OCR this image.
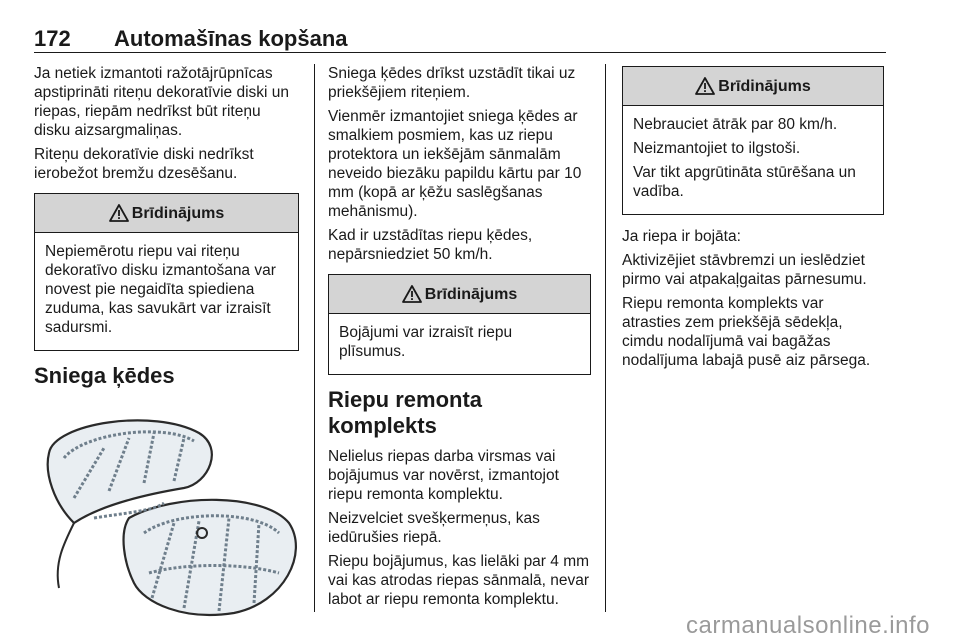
172 Automašīnas kopšana

Ja netiek izmantoti ražotājrūpnīcas apstiprināti riteņu dekoratīvie diski un riepas, riepām nedrīkst būt riteņu disku aizsargmaliņas.

Riteņu dekoratīvie diski nedrīkst ierobežot bremžu dzesēšanu.

Brīdinājums

Nepiemērotu riepu vai riteņu dekoratīvo disku izmantošana var novest pie negaidīta spiediena zuduma, kas savukārt var izraisīt sadursmi.

Sniega ķēdes

Sniega ķēdes drīkst uzstādīt tikai uz priekšējiem riteņiem.

Vienmēr izmantojiet sniega ķēdes ar smalkiem posmiem, kas uz riepu protektora un iekšējām sānmalām neveido biezāku papildu kārtu par 10 mm (kopā ar ķēžu saslēgšanas mehānismu).

Kad ir uzstādītas riepu ķēdes, nepārsniedziet 50 km/h.

Brīdinājums

Bojājumi var izraisīt riepu plīsumus.

Riepu remonta komplekts

Nelielus riepas darba virsmas vai bojājumus var novērst, izmantojot riepu remonta komplektu.

Neizvelciet svešķermeņus, kas iedūrušies riepā.

Riepu bojājumus, kas lielāki par 4 mm vai kas atrodas riepas sānmalā, nevar labot ar riepu remonta komplektu.

Brīdinājums

Nebrauciet ātrāk par 80 km/h.

Neizmantojiet to ilgstoši.

Var tikt apgrūtināta stūrēšana un vadība.

Ja riepa ir bojāta:

Aktivizējiet stāvbremzi un ieslēdziet pirmo vai atpakaļgaitas pārnesumu.

Riepu remonta komplekts var atrasties zem priekšējā sēdekļa, cimdu nodalījumā vai bagāžas nodalījuma labajā pusē aiz pārsega.

carmanualsonline.info
